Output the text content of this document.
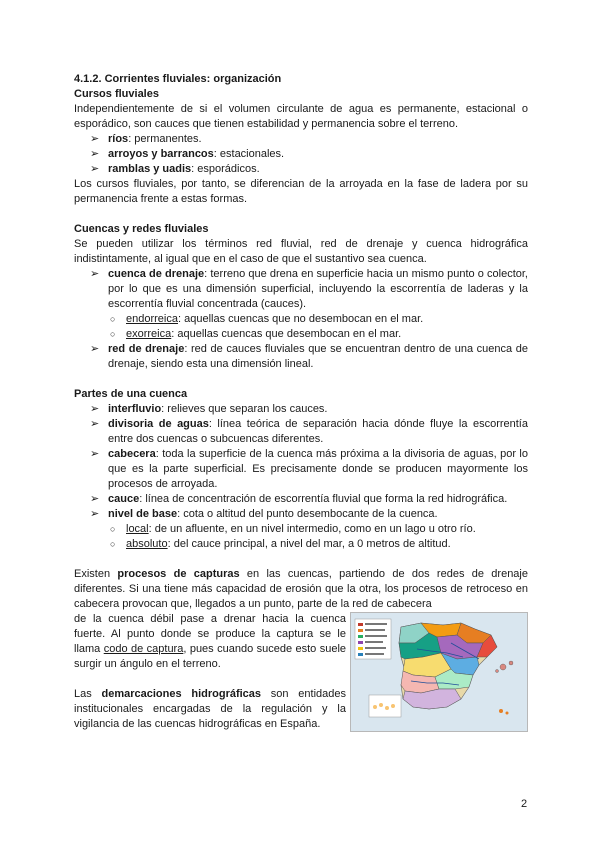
4.1.2. Corrientes fluviales: organización

Cursos fluviales

Independientemente de si el volumen circulante de agua es permanente, estacional o esporádico, son cauces que tienen estabilidad y permanencia sobre el terreno.

➢ ríos: permanentes.
➢ arroyos y barrancos: estacionales.
➢ ramblas y uadis: esporádicos.

Los cursos fluviales, por tanto, se diferencian de la arroyada en la fase de ladera por su permanencia frente a estas formas.

Cuencas y redes fluviales

Se pueden utilizar los términos red fluvial, red de drenaje y cuenca hidrográfica indistintamente, al igual que en el caso de que el sustantivo sea cuenca.

➢ cuenca de drenaje: terreno que drena en superficie hacia un mismo punto o colector, por lo que es una dimensión superficial, incluyendo la escorrentía de laderas y la escorrentía fluvial concentrada (cauces).
○ endorreica: aquellas cuencas que no desembocan en el mar.
○ exorreica: aquellas cuencas que desembocan en el mar.
➢ red de drenaje: red de cauces fluviales que se encuentran dentro de una cuenca de drenaje, siendo esta una dimensión lineal.

Partes de una cuenca

➢ interfluvio: relieves que separan los cauces.
➢ divisoria de aguas: línea teórica de separación hacia dónde fluye la escorrentía entre dos cuencas o subcuencas diferentes.
➢ cabecera: toda la superficie de la cuenca más próxima a la divisoria de aguas, por lo que es la parte superficial. Es precisamente donde se producen mayormente los procesos de arroyada.
➢ cauce: línea de concentración de escorrentía fluvial que forma la red hidrográfica.
➢ nivel de base: cota o altitud del punto desembocante de la cuenca.
○ local: de un afluente, en un nivel intermedio, como en un lago u otro río.
○ absoluto: del cauce principal, a nivel del mar, a 0 metros de altitud.

Existen procesos de capturas en las cuencas, partiendo de dos redes de drenaje diferentes. Si una tiene más capacidad de erosión que la otra, los procesos de retroceso en cabecera provocan que, llegados a un punto, parte de la red de cabecera

de la cuenca débil pase a drenar hacia la cuenca fuerte. Al punto donde se produce la captura se le llama codo de captura, pues cuando sucede esto suele surgir un ángulo en el terreno.

Las demarcaciones hidrográficas son entidades institucionales encargadas de la regulación y la vigilancia de las cuencas hidrográficas en España.

2
